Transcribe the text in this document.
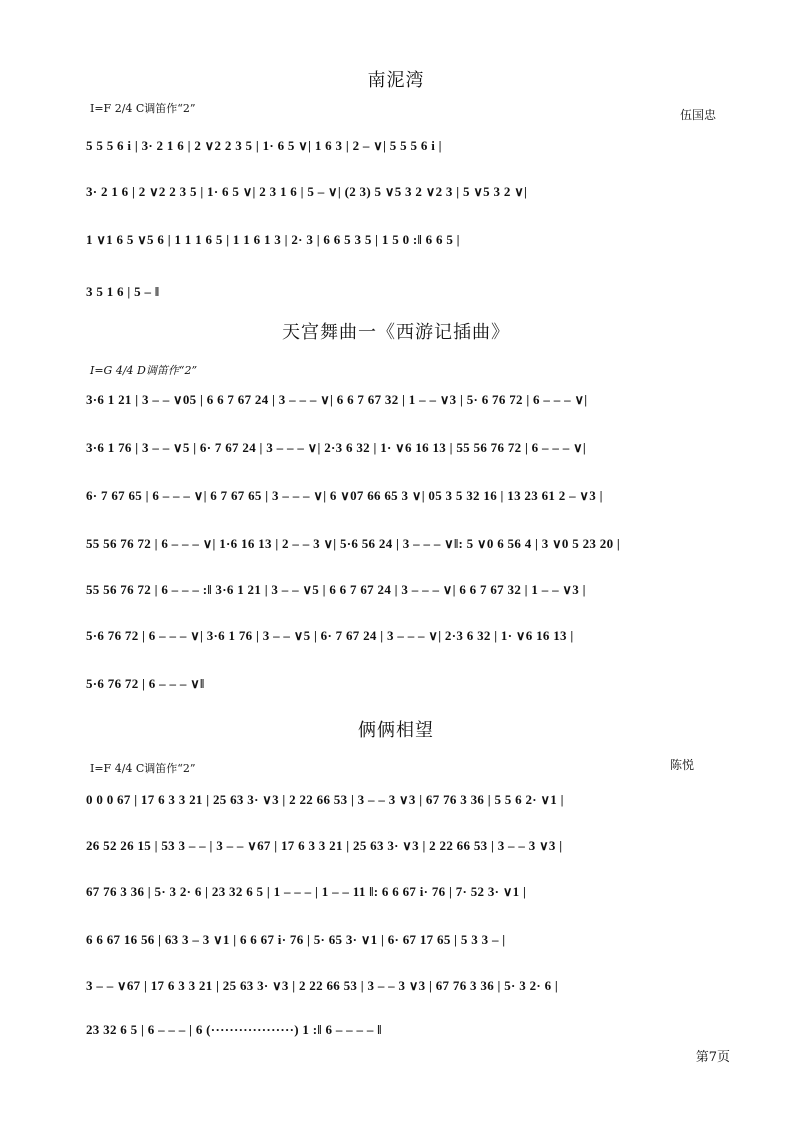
南泥湾
I=F 2/4 C调笛作“2”	伍国忠
5 5 5 6 i | 3· 2 1 6 | 2 ∨2 2 3 5 | 1· 6 5 ∨| 1 6 3 | 2 – ∨| 5 5 5 6 i |
3· 2 1 6 | 2 ∨2 2 3 5 | 1· 6 5 ∨| 2 3 1 6 | 5 – ∨| (2 3) 5 ∨5 3 2 ∨2 3 | 5 ∨5 3 2 ∨|
1 ∨1 6 5 ∨5 6 | 1 1 1 6 5 | 1 1 6 1 3 | 2· 3 | 6 6 5 3 5 | 1 5 0 :‖ 6 6 5 |
3 5 1 6 | 5 – ‖
天宫舞曲一《西游记插曲》
I=G 4/4 D调笛作“2”
3·6 1 21 | 3 – – ∨05 | 6 6 7 67 24 | 3 – – – ∨| 6 6 7 67 32 | 1 – – ∨3 | 5· 6 76 72 | 6 – – – ∨|
3·6 1 76 | 3 – – ∨5 | 6· 7 67 24 | 3 – – – ∨| 2·3 6 32 | 1· ∨6 16 13 | 55 56 76 72 | 6 – – – ∨|
6· 7 67 65 | 6 – – – ∨| 6 7 67 65 | 3 – – – ∨| 6 ∨07 66 65 3 ∨| 05 3 5 32 16 | 13 23 61 2 – ∨3 |
55 56 76 72 | 6 – – – ∨| 1·6 16 13 | 2 – – 3 ∨| 5·6 56 24 | 3 – – – ∨‖: 5 ∨0 6 56 4 | 3 ∨0 5 23 20 |
55 56 76 72 | 6 – – – :‖ 3·6 1 21 | 3 – – ∨5 | 6 6 7 67 24 | 3 – – – ∨| 6 6 7 67 32 | 1 – – ∨3 |
5·6 76 72 | 6 – – – ∨| 3·6 1 76 | 3 – – ∨5 | 6· 7 67 24 | 3 – – – ∨| 2·3 6 32 | 1· ∨6 16 13 |
5·6 76 72 | 6 – – – ∨‖
俩俩相望
I=F 4/4 C调笛作“2”	陈悦
0 0 0 67 | 17 6 3 3 21 | 25 63 3· ∨3 | 2 22 66 53 | 3 – – 3 ∨3 | 67 76 3 36 | 5 5 6 2· ∨1 |
26 52 26 15 | 53 3 – – | 3 – – ∨67 | 17 6 3 3 21 | 25 63 3· ∨3 | 2 22 66 53 | 3 – – 3 ∨3 |
67 76 3 36 | 5· 3 2· 6 | 23 32 6 5 | 1 – – – | 1 – – 11 ‖: 6 6 67 i· 76 | 7· 52 3· ∨1 |
6 6 67 16 56 | 63 3 – 3 ∨1 | 6 6 67 i· 76 | 5· 65 3· ∨1 | 6· 67 17 65 | 5 3 3 – |
3 – – ∨67 | 17 6 3 3 21 | 25 63 3· ∨3 | 2 22 66 53 | 3 – – 3 ∨3 | 67 76 3 36 | 5· 3 2· 6 |
23 32 6 5 | 6 – – – | 6 (··················) 1 :‖ 6 – – – – ‖
第7页
